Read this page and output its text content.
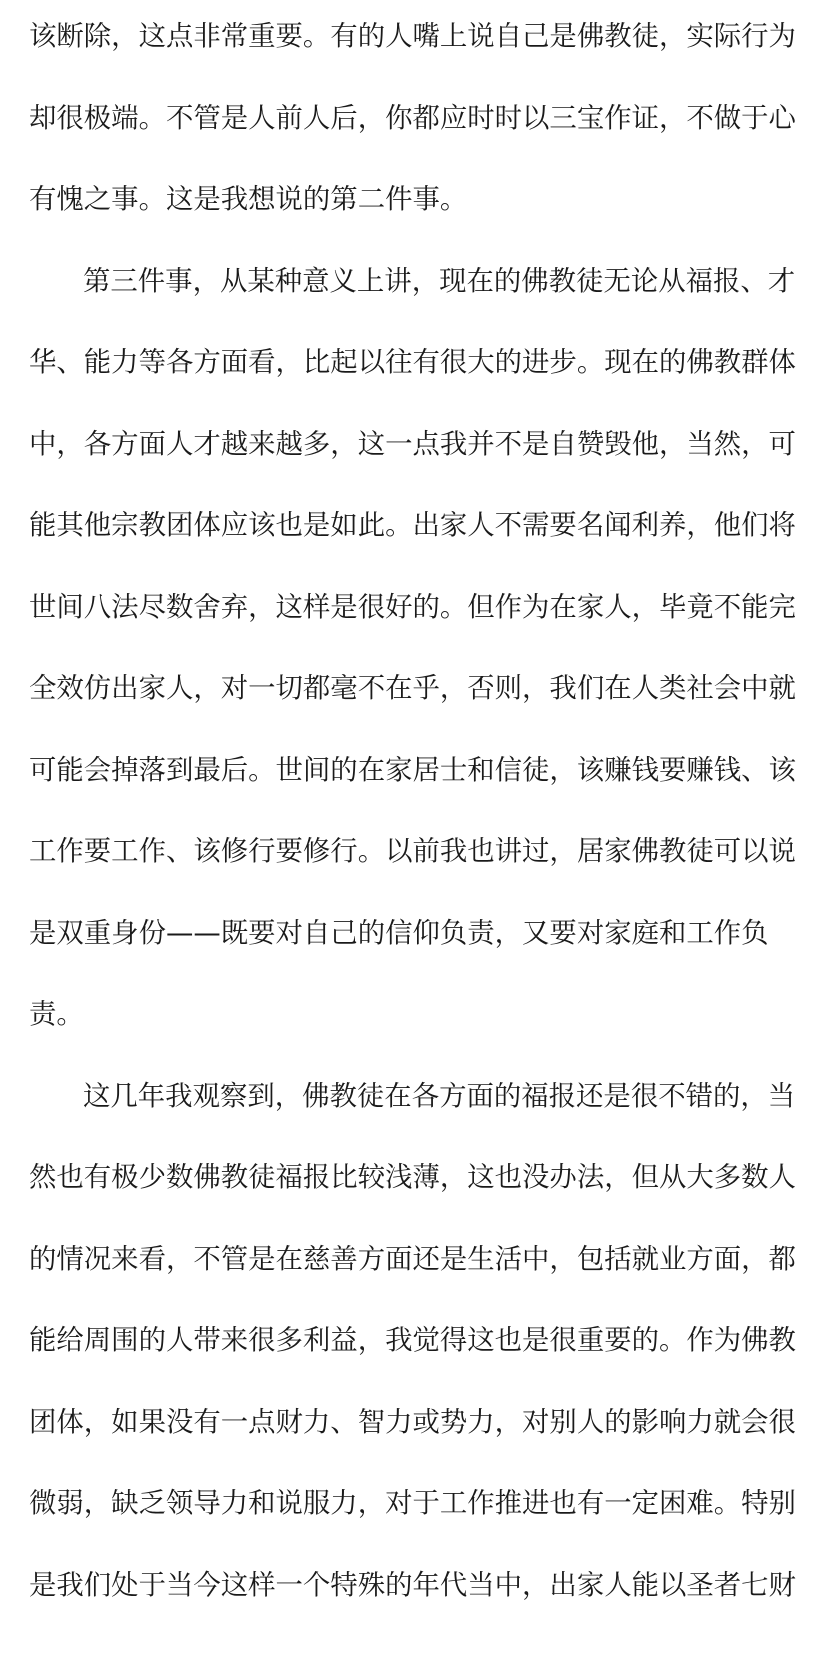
该断除，这点非常重要。有的人嘴上说自己是佛教徒，实际行为
却很极端。不管是人前人后，你都应时时以三宝作证，不做于心
有愧之事。这是我想说的第二件事。
第三件事，从某种意义上讲，现在的佛教徒无论从福报、才
华、能力等各方面看，比起以往有很大的进步。现在的佛教群体
中，各方面人才越来越多，这一点我并不是自赞毁他，当然，可
能其他宗教团体应该也是如此。出家人不需要名闻利养，他们将
世间八法尽数舍弃，这样是很好的。但作为在家人，毕竟不能完
全效仿出家人，对一切都毫不在乎，否则，我们在人类社会中就
可能会掉落到最后。世间的在家居士和信徒，该赚钱要赚钱、该
工作要工作、该修行要修行。以前我也讲过，居家佛教徒可以说
是双重身份——既要对自己的信仰负责，又要对家庭和工作负
责。
这几年我观察到，佛教徒在各方面的福报还是很不错的，当
然也有极少数佛教徒福报比较浅薄，这也没办法，但从大多数人
的情况来看，不管是在慈善方面还是生活中，包括就业方面，都
能给周围的人带来很多利益，我觉得这也是很重要的。作为佛教
团体，如果没有一点财力、智力或势力，对别人的影响力就会很
微弱，缺乏领导力和说服力，对于工作推进也有一定困难。特别
是我们处于当今这样一个特殊的年代当中，出家人能以圣者七财
